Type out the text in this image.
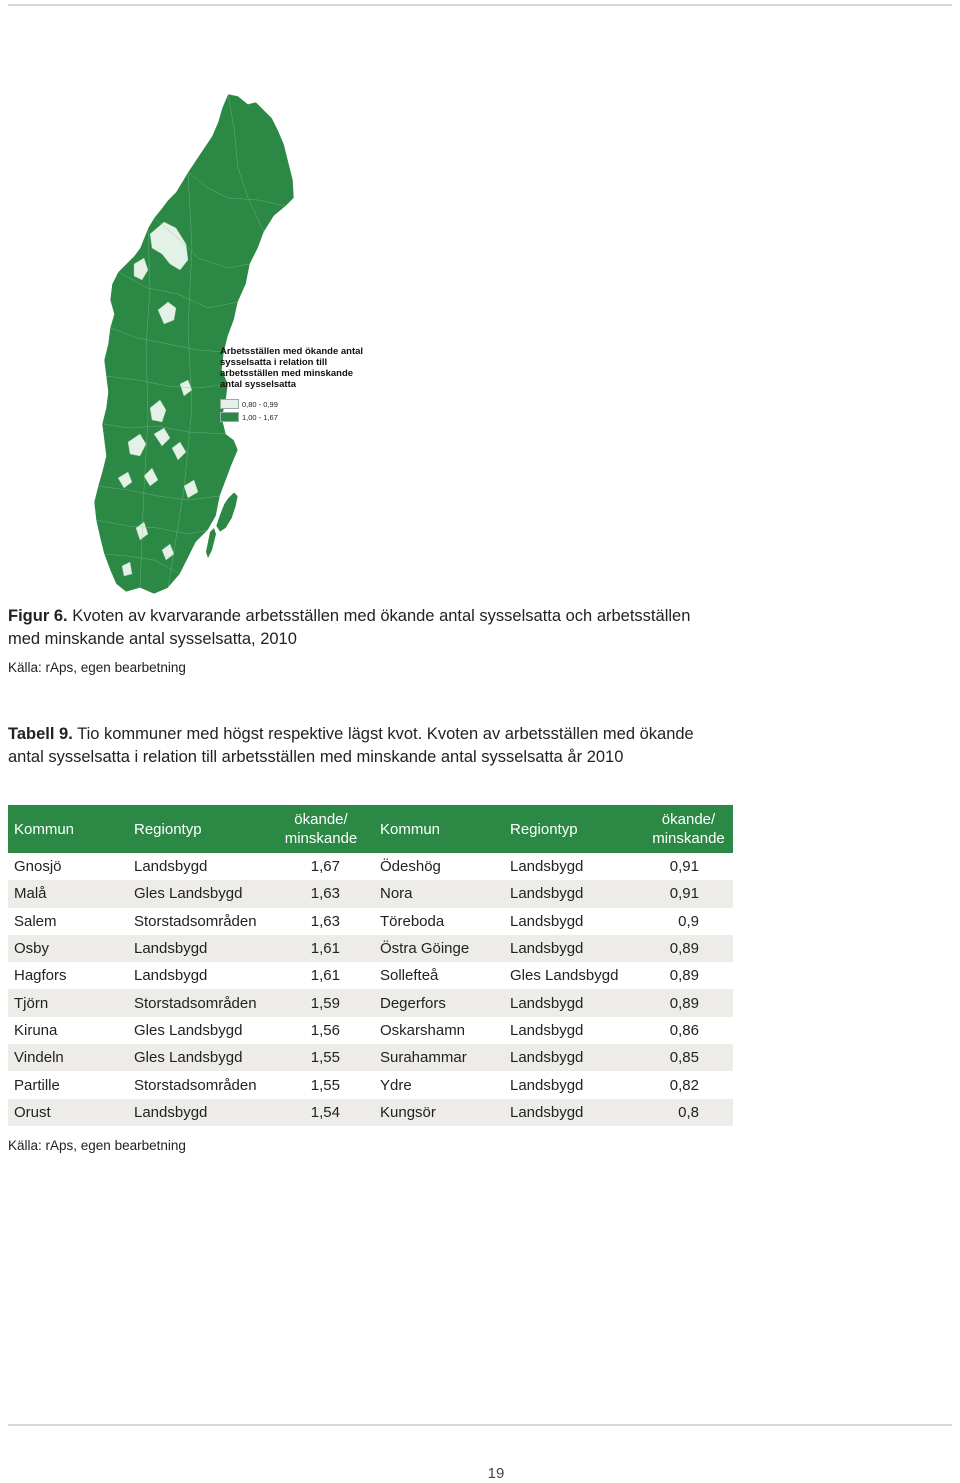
Arbetsställen med ökande antal sysselsatta i relation till arbetsställen med minskande antal sysselsatta
0,80 - 0,99
1,00 - 1,67
Figur 6. Kvoten av kvarvarande arbetsställen med ökande antal sysselsatta och arbetsställen med minskande antal sysselsatta, 2010
Källa: rAps, egen bearbetning
Tabell 9. Tio kommuner med högst respektive lägst kvot. Kvoten av arbetsställen med ökande antal sysselsatta i relation till arbetsställen med minskande antal sysselsatta år 2010
Kommun	Regiontyp	ökande/ minskande	Kommun	Regiontyp	ökande/ minskande
Gnosjö	Landsbygd	1,67	Ödeshög	Landsbygd	0,91
Malå	Gles Landsbygd	1,63	Nora	Landsbygd	0,91
Salem	Storstadsområden	1,63	Töreboda	Landsbygd	0,9
Osby	Landsbygd	1,61	Östra Göinge	Landsbygd	0,89
Hagfors	Landsbygd	1,61	Sollefteå	Gles Landsbygd	0,89
Tjörn	Storstadsområden	1,59	Degerfors	Landsbygd	0,89
Kiruna	Gles Landsbygd	1,56	Oskarshamn	Landsbygd	0,86
Vindeln	Gles Landsbygd	1,55	Surahammar	Landsbygd	0,85
Partille	Storstadsområden	1,55	Ydre	Landsbygd	0,82
Orust	Landsbygd	1,54	Kungsör	Landsbygd	0,8
Källa: rAps, egen bearbetning
19
